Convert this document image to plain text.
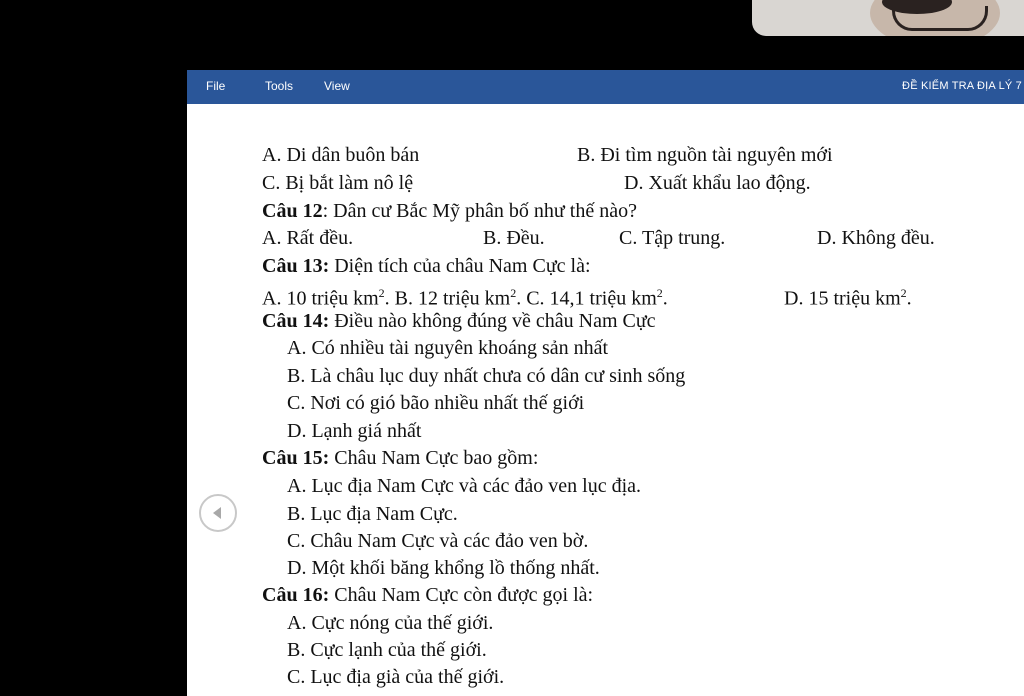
File	Tools	View	ĐỀ KIỂM TRA ĐỊA LÝ 7
A. Di dân buôn bán	B. Đi tìm nguồn tài nguyên mới
C. Bị bắt làm nô lệ	D. Xuất khẩu lao động.
Câu 12: Dân cư Bắc Mỹ phân bố như thế nào?
A. Rất đều.	B. Đều.	C. Tập trung.	D. Không đều.
Câu 13: Diện tích của châu Nam Cực là:
A. 10 triệu $km^2$. B. 12 triệu $km^2$. C. 14,1 triệu $km^2$.	D. 15 triệu $km^2$.
Câu 14: Điều nào không đúng về châu Nam Cực
A. Có nhiều tài nguyên khoáng sản nhất
B. Là châu lục duy nhất chưa có dân cư sinh sống
C. Nơi có gió bão nhiều nhất thế giới
D. Lạnh giá nhất
Câu 15: Châu Nam Cực bao gồm:
A. Lục địa Nam Cực và các đảo ven lục địa.
B. Lục địa Nam Cực.
C. Châu Nam Cực và các đảo ven bờ.
D. Một khối băng khổng lồ thống nhất.
Câu 16: Châu Nam Cực còn được gọi là:
A. Cực nóng của thế giới.
B. Cực lạnh của thế giới.
C. Lục địa già của thế giới.
